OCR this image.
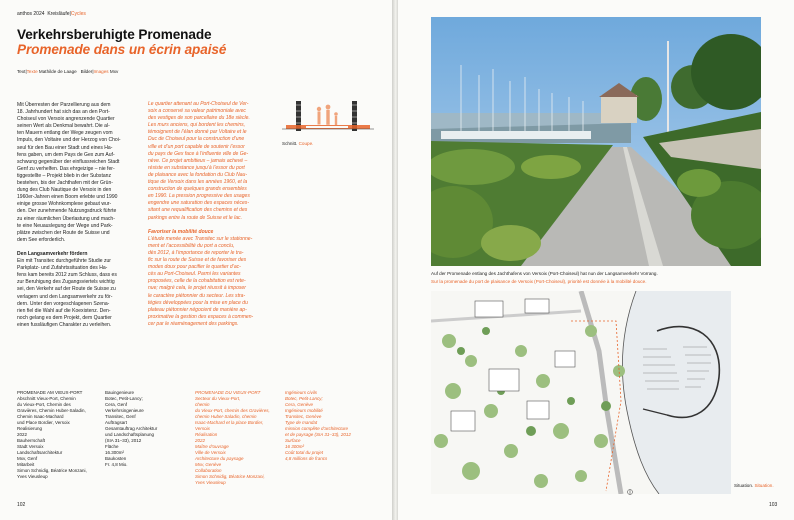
anthos 2024 Kreisläufe|Cycles

Verkehrsberuhigte Promenade
Promenade dans un écrin apaisé

Text|Texte Mathilde de Laage Bilder|Images Mxv

Mit Überresten der Parzellierung aus dem
18. Jahrhundert hat sich das an den Port-
Choiseul von Versoix angrenzende Quartier
seinen Wert als Denkmal bewahrt. Die al-
ten Mauern entlang der Wege zeugen vom
Impuls, den Voltaire und der Herzog von Choi-
seul für den Bau einer Stadt und eines Ha-
fens gaben, um dem Pays de Gex zum Auf-
schwung gegenüber der einflussreichen Stadt
Genf zu verhelfen. Das ehrgeizige – nie fer-
tiggestellte – Projekt blieb in der Substanz
bestehen, bis der Jachthafen mit der Grün-
dung des Club Nautique de Versoix in den
1960er-Jahren einen Boom erlebte und 1990
einige grosse Wohnkomplexe gebaut wur-
den. Der zunehmende Nutzungsdruck führte
zu einer räumlichen Überlastung und mach-
te eine Neuauslegung der Wege und Park-
plätze zwischen der Route de Suisse und
dem See erforderlich.

Den Langsamverkehr fördern
Ein mit Transitec durchgeführte Studie zur
Parkplatz- und Zufahrtssituation des Ha-
fens kam bereits 2012 zum Schluss, dass es
zur Beruhigung des Zugangsviertels wichtig
sei, den Verkehr auf der Route de Suisse zu
verlagern und den Langsamverkehr zu för-
dern. Unter den vorgeschlagenen Szena-
rien fiel die Wahl auf die Koexistenz. Den-
noch gelang es dem Projekt, dem Quartier
einen fussläufigen Charakter zu verleihen.
Le quartier attenant au Port-Choiseul de Ver-
soix a conservé sa valeur patrimoniale avec
des vestiges de son parcellaire du 18e siècle.
Les murs anciens, qui bordent les chemins,
témoignent de l’élan donné par Voltaire et le
Duc de Choiseul pour la construction d’une
ville et d’un port capable de soutenir l’essor
du pays de Gex face à l’influente ville de Ge-
nève. Ce projet ambitieux – jamais achevé –
résiste en substance jusqu’à l’essor du port
de plaisance avec la fondation du Club Nau-
tique de Versoix dans les années 1960, et la
construction de quelques grands ensembles
en 1990. La pression progressive des usages
engendre une saturation des espaces néces-
sitant une requalification des chemins et des
parkings entre la route de Suisse et le lac.

Favoriser la mobilité douce
L’étude menée avec Transitec sur le stationne-
ment et l’accessibilité du port a conclu,
dès 2012, à l’importance de reporter le tra-
fic sur la route de Suisse et de favoriser des
modes doux pour pacifier le quartier d’ac-
cès au Port-Choiseul. Parmi les variantes
proposées, celle de la cohabitation est rete-
nue; malgré cela, le projet réussit à imposer
le caractère piétonnier du secteur. Les stra-
tégies développées pour la mise en place du
plateau piétonnier négocient de manière ap-
proximative la gestion des espaces à commen-
cer par le réaménagement des parkings.

Schnitt. Coupe.

PROMENADE AM VIEUX-PORT
Abschnitt Vieux-Port, Chemin
du Vieux-Port, Chemin des
Gravières, Chemin Huber-Saladin,
Chemin Isaac-Machard
und Place Bordier, Versoix
Realisierung
2022
Bauherrschaft
Stadt Versoix
Landschaftsarchitektur
Mxv, Genf
Mitarbeit
Simon Schnidig, Béatrice Monzani,
Yves Vieusleup
Bauingenieure
Botec, Petit-Lancy;
Cera, Genf
Verkehrsingenieure
Transitec, Genf
Auftragsart
Gesamtauftrag Architektur
und Landschaftsplanung
(SIA 31–33), 2012
Fläche
16.300m²
Baukosten
Fr. 4,8 Mio.
PROMENADE DU VIEUX-PORT
Secteur du Vieux-Port,
chemin
du Vieux-Port, chemin des Gravières,
chemin Huber-Saladin, chemin
Isaac-Machard et la place Bordier,
Versoix
Réalisation
2022
Maître d’ouvrage
Ville de Versoix
Architecture du paysage
Mxv, Genève
Collaboration
Simon Schnidig, Béatrice Monzani,
Yves Vieusleup
Ingénieurs civils
Botec, Petit-Lancy;
Cera, Genève
Ingénieurs mobilité
Transitec, Genève
Type de mandat
mission complète d’architecture
et de paysage (SIA 31–33), 2012
Surface
16 300m²
Coût total du projet
4,8 millions de francs

102

Auf der Promenade entlang des Jachthafens von Versoix (Port-Choiseul) hat nun der Langsamverkehr Vorrang.

Sur la promenade du port de plaisance de Versoix (Port-Choiseul), priorité est donnée à la mobilité douce.

Situation. Situation.

103
